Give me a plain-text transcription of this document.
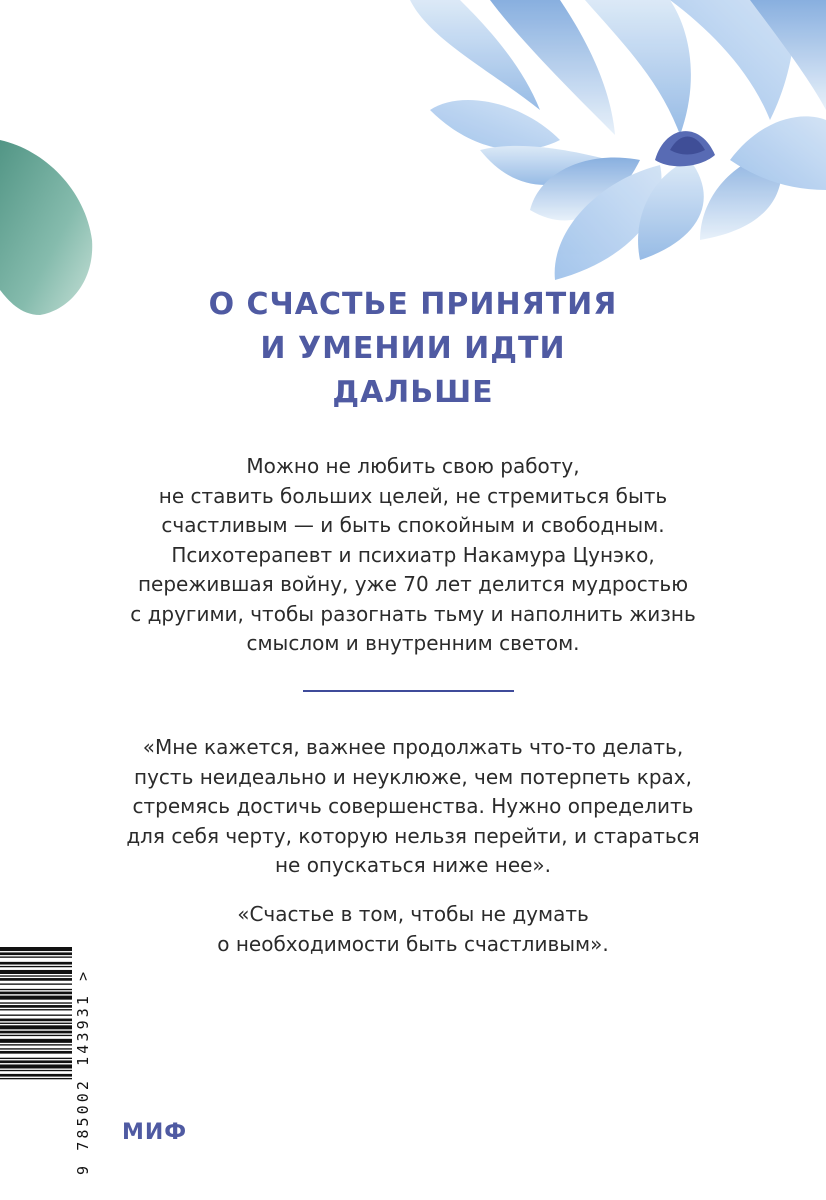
О СЧАСТЬЕ ПРИНЯТИЯ
И УМЕНИИ ИДТИ
ДАЛЬШЕ
Можно не любить свою работу,
не ставить больших целей, не стремиться быть
счастливым — и быть спокойным и свободным.
Психотерапевт и психиатр Накамура Цунэко,
пережившая войну, уже 70 лет делится мудростью
с другими, чтобы разогнать тьму и наполнить жизнь
смыслом и внутренним светом.
«Мне кажется, важнее продолжать что-то делать,
пусть неидеально и неуклюже, чем потерпеть крах,
стремясь достичь совершенства. Нужно определить
для себя черту, которую нельзя перейти, и стараться
не опускаться ниже нее».
«Счастье в том, чтобы не думать
о необходимости быть счастливым».
9 785002 143931 > МИФ
